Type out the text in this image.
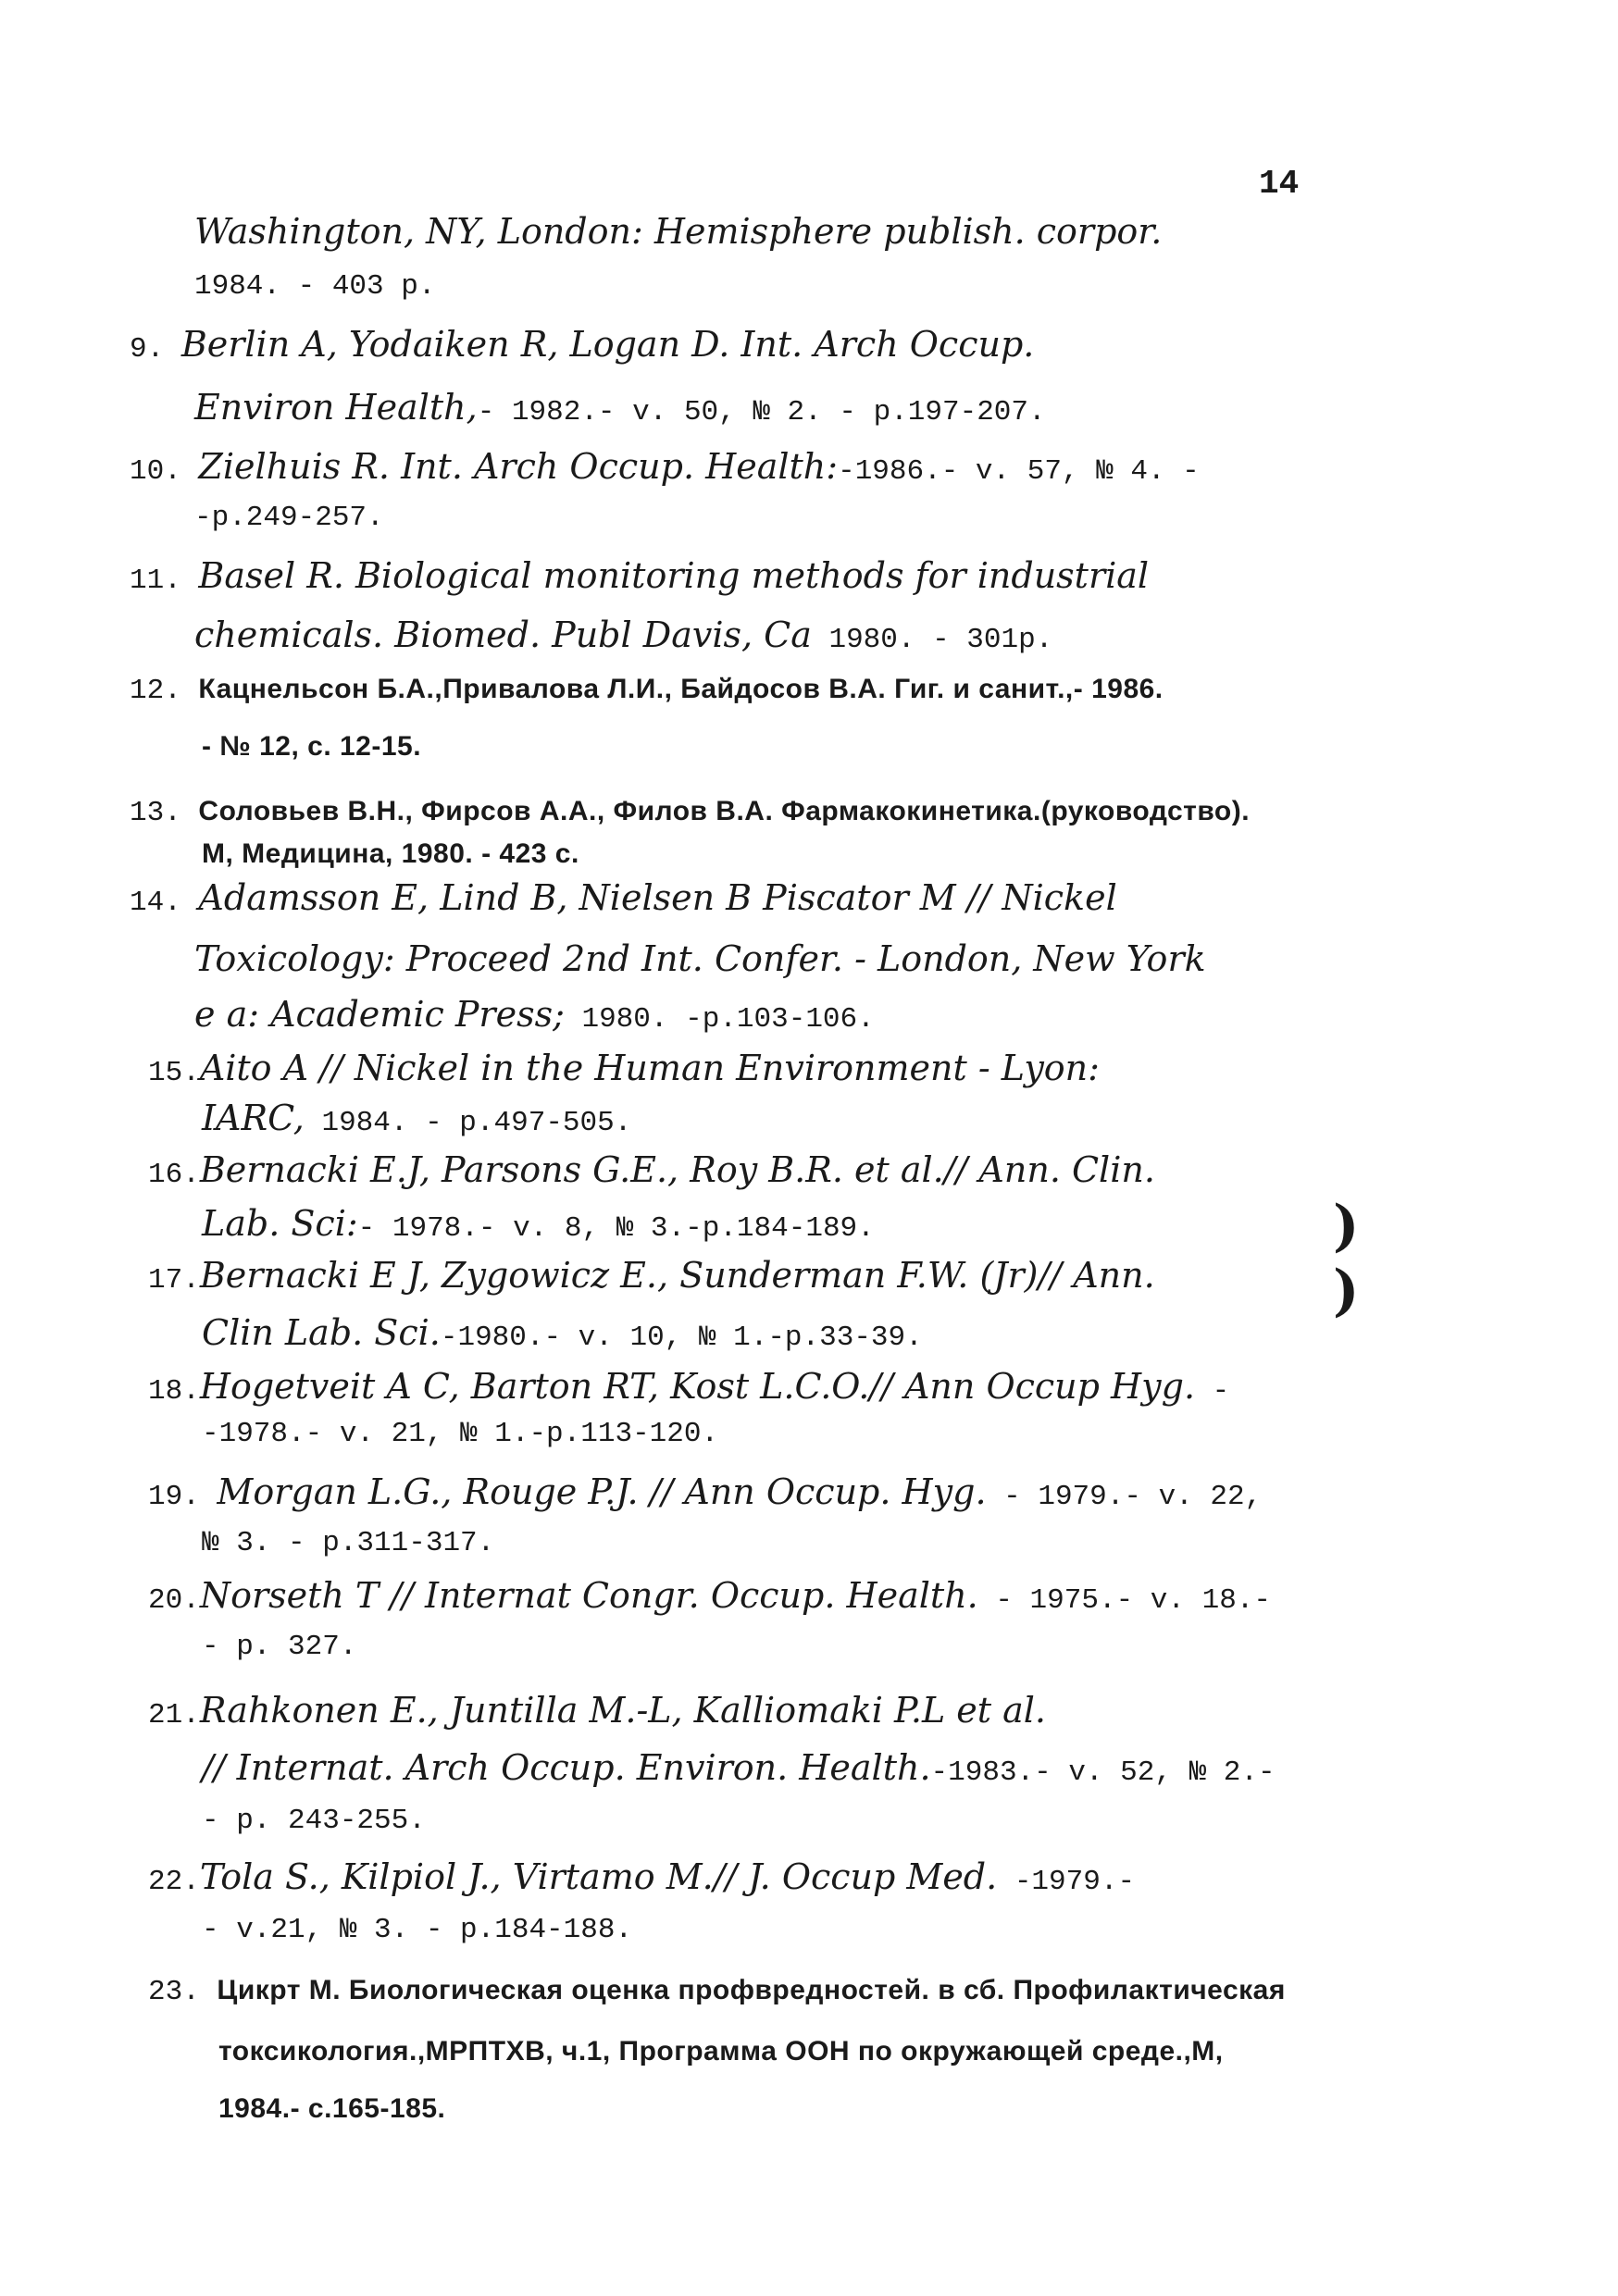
14
Washington, NY, London: Hemisphere publish. corpor.
1984. - 403 p.
9. Berlin A, Yodaiken R, Logan D. Int. Arch Occup.
Environ Health,- 1982.- v. 50, № 2. - p.197-207.
10. Zielhuis R. Int. Arch Occup. Health:-1986.- v. 57, № 4. -
-p.249-257.
11. Basel R. Biological monitoring methods for industrial
chemicals. Biomed. Publ Davis, Ca 1980. - 301p.
12. Кацнельсон Б.А.,Привалова Л.И., Байдосов В.А. Гиг. и санит.,- 1986.
- № 12, с. 12-15.
13. Соловьев В.Н., Фирсов А.А., Филов В.А. Фармакокинетика.(руководство).
М, Медицина, 1980. - 423 с.
14. Adamsson E, Lind B, Nielsen B Piscator M // Nickel
Toxicology: Proceed 2nd Int. Confer. - London, New York
e a: Academic Press; 1980. -p.103-106.
15.Aito A // Nickel in the Human Environment - Lyon:
IARC, 1984. - p.497-505.
16.Bernacki E.J, Parsons G.E., Roy B.R. et al.// Ann. Clin.
Lab. Sci:- 1978.- v. 8, № 3.-p.184-189.
17.Bernacki E J, Zygowicz E., Sunderman F.W. (Jr)// Ann.
Clin Lab. Sci.-1980.- v. 10, № 1.-p.33-39.
18.Hogetveit A C, Barton RT, Kost L.C.O.// Ann Occup Hyg. -
-1978.- v. 21, № 1.-p.113-120.
19. Morgan L.G., Rouge P.J. // Ann Occup. Hyg. - 1979.- v. 22,
№ 3. - p.311-317.
20.Norseth T // Internat Congr. Occup. Health. - 1975.- v. 18.-
- p. 327.
21.Rahkonen E., Juntilla M.-L, Kalliomaki P.L et al.
// Internat. Arch Occup. Environ. Health.-1983.- v. 52, № 2.-
- p. 243-255.
22.Tola S., Kilpiol J., Virtamo M.// J. Occup Med. -1979.-
- v.21, № 3. - p.184-188.
23. Цикрт М. Биологическая оценка профвредностей. в сб. Профилактическая
токсикология.,МРПТХВ, ч.1, Программа ООН по окружающей среде.,М,
1984.- с.165-185.
)
)
